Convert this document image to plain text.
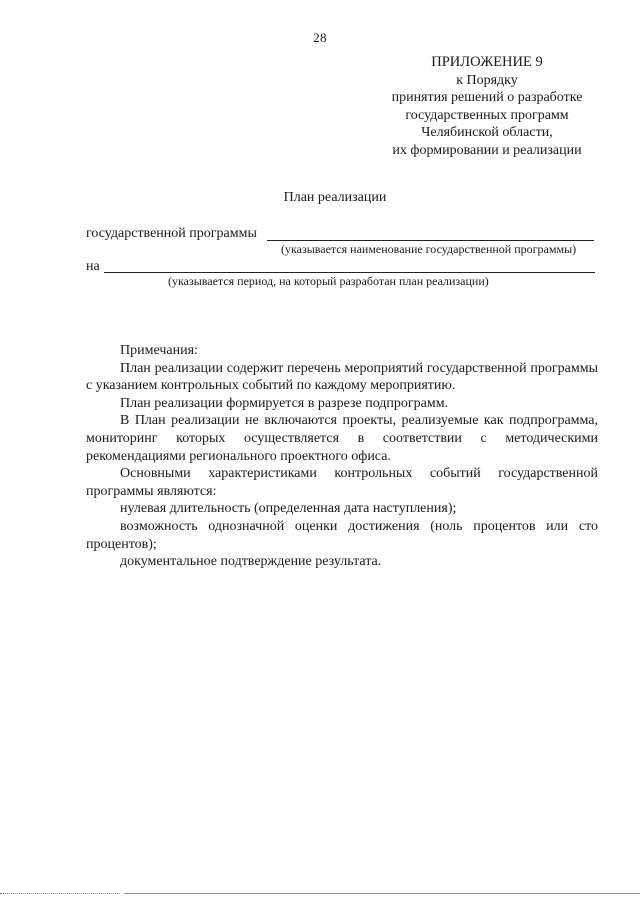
28
ПРИЛОЖЕНИЕ 9
к Порядку
принятия решений о разработке
государственных программ
Челябинской области,
их формировании и реализации
План реализации
государственной программы
(указывается наименование государственной программы)
на
(указывается период, на который разработан план реализации)

Примечания:

План реализации содержит перечень мероприятий государственной программы с указанием контрольных событий по каждому мероприятию.

План реализации формируется в разрезе подпрограмм.

В План реализации не включаются проекты, реализуемые как подпрограмма, мониторинг которых осуществляется в соответствии с методическими рекомендациями регионального проектного офиса.

Основными характеристиками контрольных событий государственной программы являются:

нулевая длительность (определенная дата наступления);

возможность однозначной оценки достижения (ноль процентов или сто процентов);

документальное подтверждение результата.
